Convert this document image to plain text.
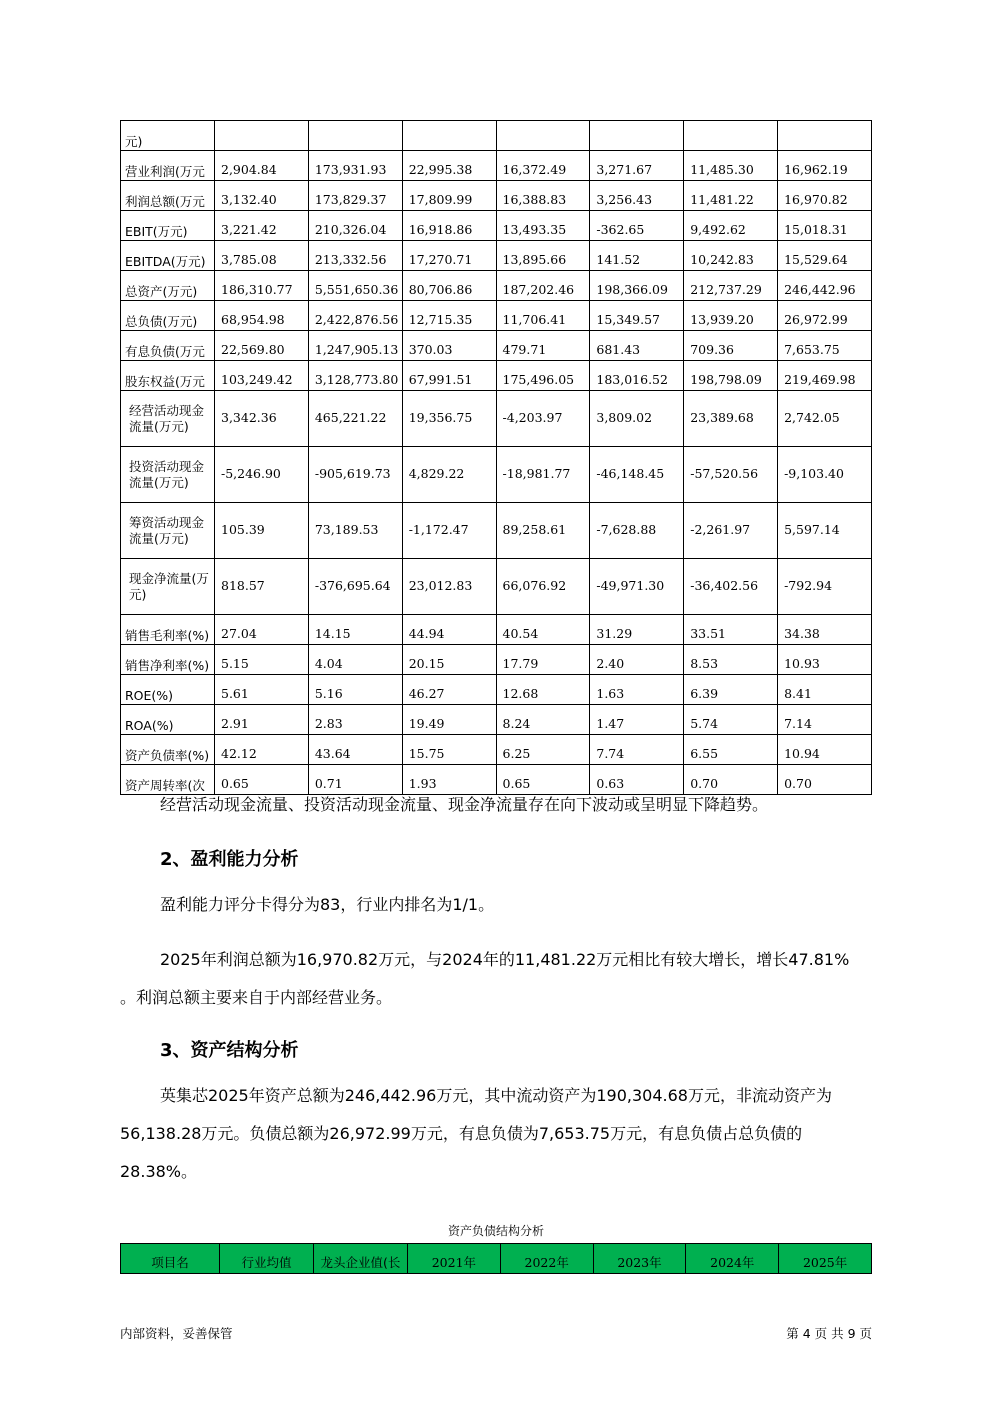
元)							
营业利润(万元	2,904.84	173,931.93	22,995.38	16,372.49	3,271.67	11,485.30	16,962.19
利润总额(万元	3,132.40	173,829.37	17,809.99	16,388.83	3,256.43	11,481.22	16,970.82
EBIT(万元)	3,221.42	210,326.04	16,918.86	13,493.35	-362.65	9,492.62	15,018.31
EBITDA(万元)	3,785.08	213,332.56	17,270.71	13,895.66	141.52	10,242.83	15,529.64
总资产(万元)	186,310.77	5,551,650.36	80,706.86	187,202.46	198,366.09	212,737.29	246,442.96
总负债(万元)	68,954.98	2,422,876.56	12,715.35	11,706.41	15,349.57	13,939.20	26,972.99
有息负债(万元	22,569.80	1,247,905.13	370.03	479.71	681.43	709.36	7,653.75
股东权益(万元	103,249.42	3,128,773.80	67,991.51	175,496.05	183,016.52	198,798.09	219,469.98
经营活动现金流量(万元)	3,342.36	465,221.22	19,356.75	-4,203.97	3,809.02	23,389.68	2,742.05
投资活动现金流量(万元)	-5,246.90	-905,619.73	4,829.22	-18,981.77	-46,148.45	-57,520.56	-9,103.40
筹资活动现金流量(万元)	105.39	73,189.53	-1,172.47	89,258.61	-7,628.88	-2,261.97	5,597.14
现金净流量(万元)	818.57	-376,695.64	23,012.83	66,076.92	-49,971.30	-36,402.56	-792.94
销售毛利率(%)	27.04	14.15	44.94	40.54	31.29	33.51	34.38
销售净利率(%)	5.15	4.04	20.15	17.79	2.40	8.53	10.93
ROE(%)	5.61	5.16	46.27	12.68	1.63	6.39	8.41
ROA(%)	2.91	2.83	19.49	8.24	1.47	5.74	7.14
资产负债率(%)	42.12	43.64	15.75	6.25	7.74	6.55	10.94
资产周转率(次	0.65	0.71	1.93	0.65	0.63	0.70	0.70
经营活动现金流量、投资活动现金流量、现金净流量存在向下波动或呈明显下降趋势。
2、盈利能力分析
盈利能力评分卡得分为83，行业内排名为1/1。
2025年利润总额为16,970.82万元，与2024年的11,481.22万元相比有较大增长，增长47.81%
。利润总额主要来自于内部经营业务。
3、资产结构分析
英集芯2025年资产总额为246,442.96万元，其中流动资产为190,304.68万元，非流动资产为
56,138.28万元。负债总额为26,972.99万元，有息负债为7,653.75万元，有息负债占总负债的
28.38%。
资产负债结构分析
项目名	行业均值	龙头企业值(长	2021年	2022年	2023年	2024年	2025年
内部资料，妥善保管	第 4 页 共 9 页
